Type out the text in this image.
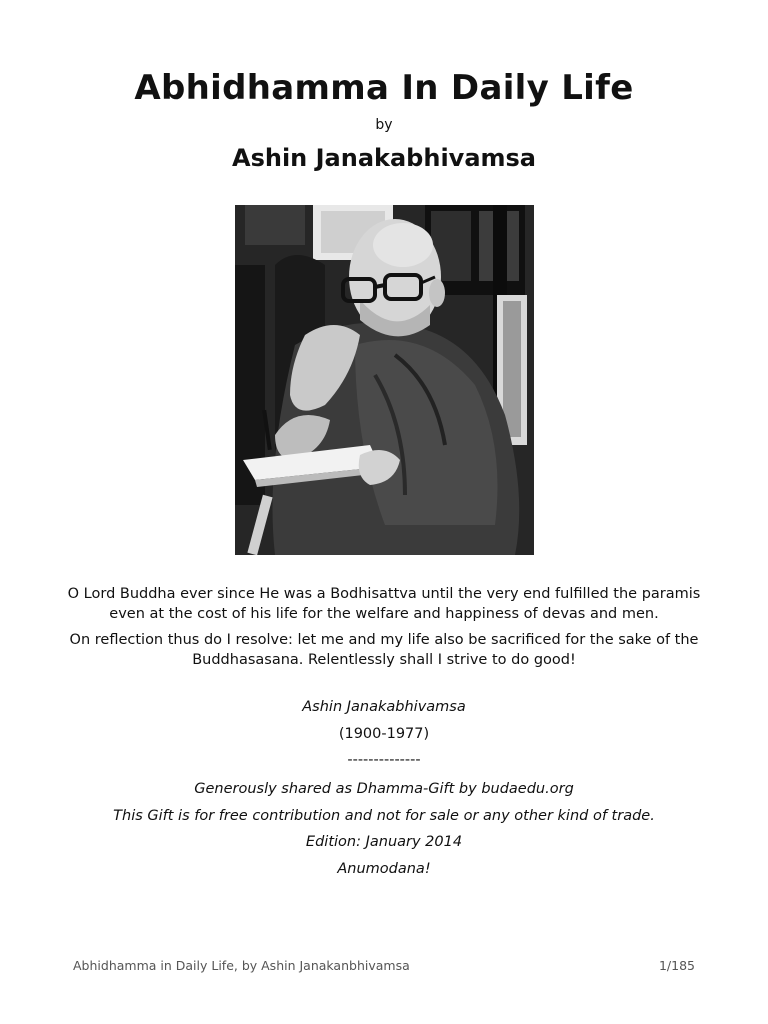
Abhidhamma In Daily Life
by
Ashin Janakabhivamsa
O Lord Buddha ever since He was a Bodhisattva until the very end fulfilled the paramis even at the cost of his life for the welfare and happiness of devas and men.
On reflection thus do I resolve: let me and my life also be sacrificed for the sake of the Buddhasasana. Relentlessly shall I strive to do good!
Ashin Janakabhivamsa
(1900-1977)
--------------
Generously shared as Dhamma-Gift by budaedu.org
This Gift is for free contribution and not for sale or any other kind of trade.
Edition: January 2014
Anumodana!
Abhidhamma in Daily Life, by Ashin Janakanbhivamsa	1/185
